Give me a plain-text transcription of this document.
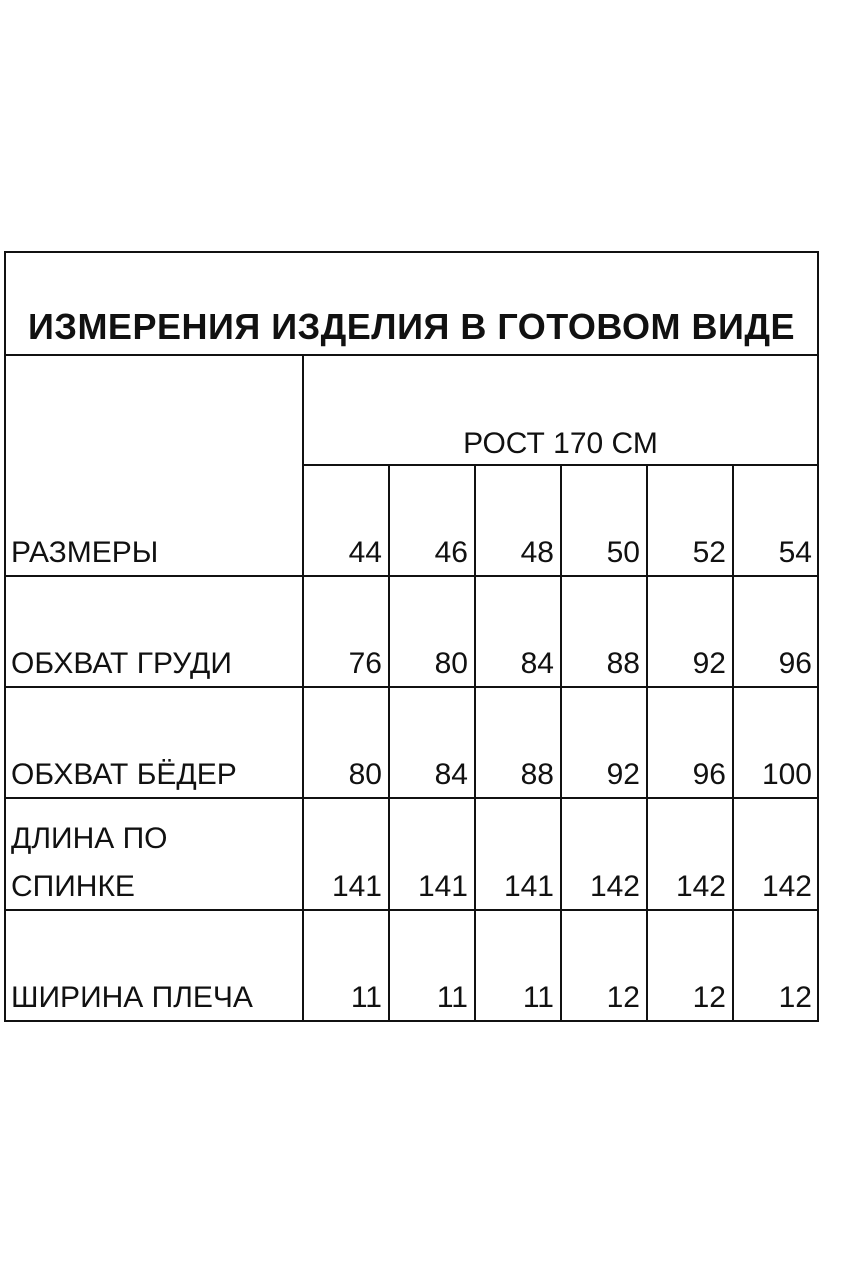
ИЗМЕРЕНИЯ ИЗДЕЛИЯ В ГОТОВОМ ВИДЕ
РОСТ 170 СМ
РАЗМЕРЫ	44	46	48	50	52	54
ОБХВАТ ГРУДИ	76	80	84	88	92	96
ОБХВАТ БЁДЕР	80	84	88	92	96	100
ДЛИНА ПО
СПИНКЕ	141	141	141	142	142	142
ШИРИНА ПЛЕЧА	11	11	11	12	12	12
